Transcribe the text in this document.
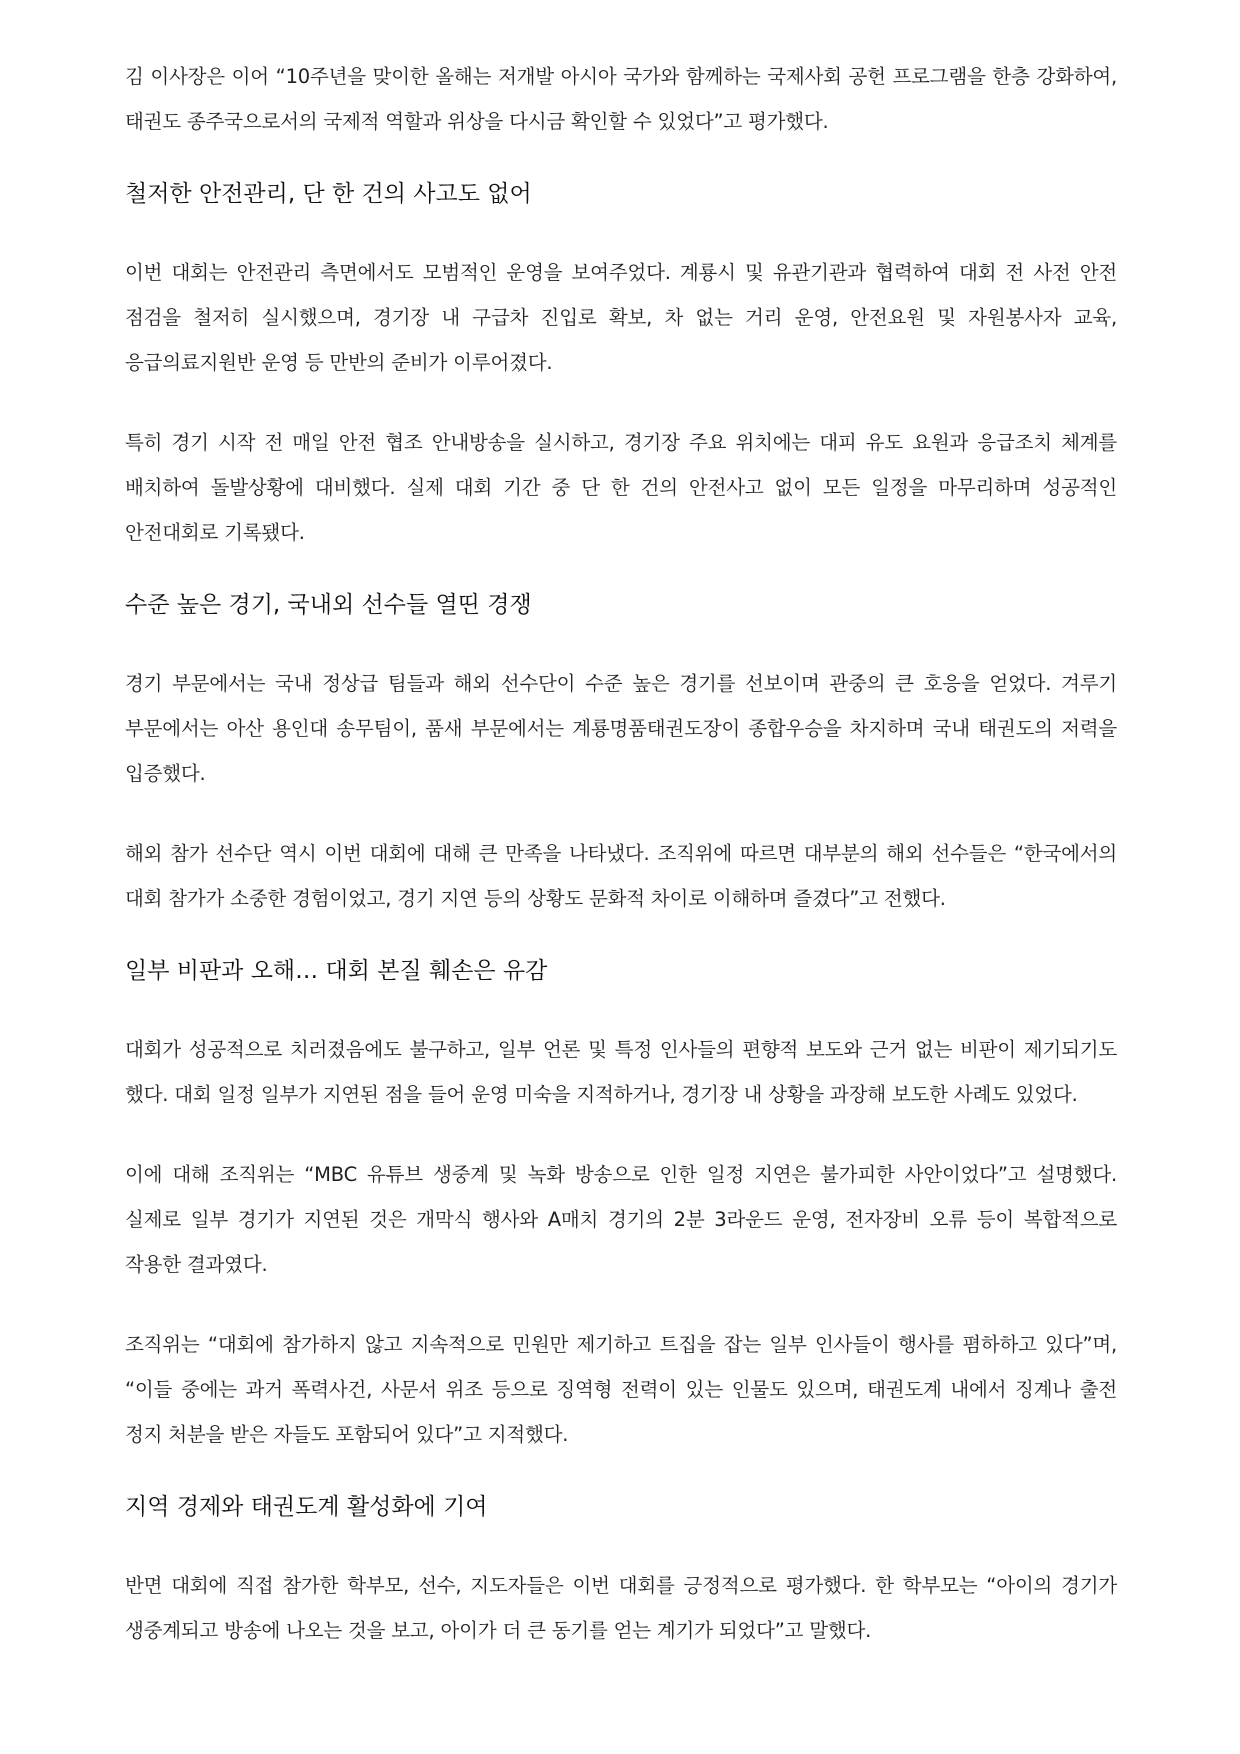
김 이사장은 이어 “10주년을 맞이한 올해는 저개발 아시아 국가와 함께하는 국제사회 공헌 프로그램을 한층 강화하여, 태권도 종주국으로서의 국제적 역할과 위상을 다시금 확인할 수 있었다”고 평가했다.

철저한 안전관리, 단 한 건의 사고도 없어

이번 대회는 안전관리 측면에서도 모범적인 운영을 보여주었다. 계룡시 및 유관기관과 협력하여 대회 전 사전 안전 점검을 철저히 실시했으며, 경기장 내 구급차 진입로 확보, 차 없는 거리 운영, 안전요원 및 자원봉사자 교육, 응급의료지원반 운영 등 만반의 준비가 이루어졌다.

특히 경기 시작 전 매일 안전 협조 안내방송을 실시하고, 경기장 주요 위치에는 대피 유도 요원과 응급조치 체계를 배치하여 돌발상황에 대비했다. 실제 대회 기간 중 단 한 건의 안전사고 없이 모든 일정을 마무리하며 성공적인 안전대회로 기록됐다.

수준 높은 경기, 국내외 선수들 열띤 경쟁

경기 부문에서는 국내 정상급 팀들과 해외 선수단이 수준 높은 경기를 선보이며 관중의 큰 호응을 얻었다. 겨루기 부문에서는 아산 용인대 송무팀이, 품새 부문에서는 계룡명품태권도장이 종합우승을 차지하며 국내 태권도의 저력을 입증했다.

해외 참가 선수단 역시 이번 대회에 대해 큰 만족을 나타냈다. 조직위에 따르면 대부분의 해외 선수들은 “한국에서의 대회 참가가 소중한 경험이었고, 경기 지연 등의 상황도 문화적 차이로 이해하며 즐겼다”고 전했다.

일부 비판과 오해… 대회 본질 훼손은 유감

대회가 성공적으로 치러졌음에도 불구하고, 일부 언론 및 특정 인사들의 편향적 보도와 근거 없는 비판이 제기되기도 했다. 대회 일정 일부가 지연된 점을 들어 운영 미숙을 지적하거나, 경기장 내 상황을 과장해 보도한 사례도 있었다.

이에 대해 조직위는 “MBC 유튜브 생중계 및 녹화 방송으로 인한 일정 지연은 불가피한 사안이었다”고 설명했다. 실제로 일부 경기가 지연된 것은 개막식 행사와 A매치 경기의 2분 3라운드 운영, 전자장비 오류 등이 복합적으로 작용한 결과였다.

조직위는 “대회에 참가하지 않고 지속적으로 민원만 제기하고 트집을 잡는 일부 인사들이 행사를 폄하하고 있다”며, “이들 중에는 과거 폭력사건, 사문서 위조 등으로 징역형 전력이 있는 인물도 있으며, 태권도계 내에서 징계나 출전 정지 처분을 받은 자들도 포함되어 있다”고 지적했다.

지역 경제와 태권도계 활성화에 기여

반면 대회에 직접 참가한 학부모, 선수, 지도자들은 이번 대회를 긍정적으로 평가했다. 한 학부모는 “아이의 경기가 생중계되고 방송에 나오는 것을 보고, 아이가 더 큰 동기를 얻는 계기가 되었다”고 말했다.
